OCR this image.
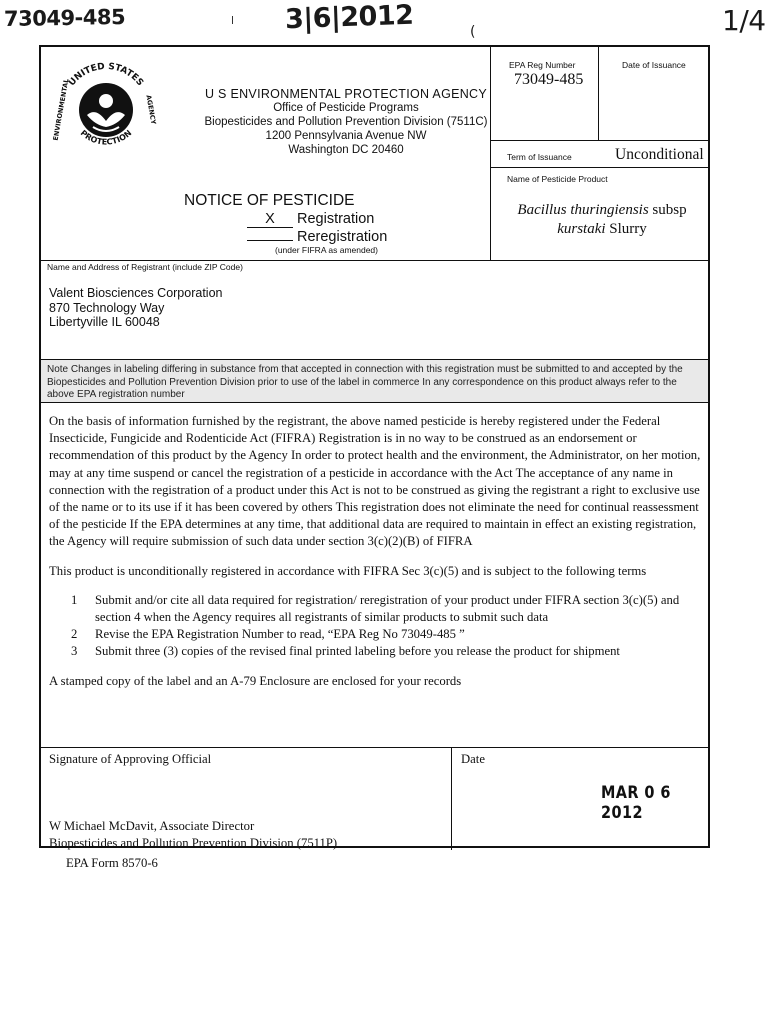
73049-485	3|6|2012	(	1/4
UNITED STATES
PROTECTION
ENVIRONMENTAL	AGENCY
U S ENVIRONMENTAL PROTECTION AGENCY
Office of Pesticide Programs
Biopesticides and Pollution Prevention Division (7511C)
1200 Pennsylvania Avenue NW
Washington DC 20460
NOTICE OF PESTICIDE
X Registration
Reregistration
(under FIFRA as amended)
EPA Reg Number
73049-485
Date of Issuance
Term of Issuance	Unconditional
Name of Pesticide Product
Bacillus thuringiensis subsp
kurstaki Slurry
Name and Address of Registrant (include ZIP Code)
Valent Biosciences Corporation
870 Technology Way
Libertyville IL 60048
Note Changes in labeling differing in substance from that accepted in connection with this registration must be submitted to and accepted by the
Biopesticides and Pollution Prevention Division prior to use of the label in commerce In any correspondence on this product always refer to the
above EPA registration number

On the basis of information furnished by the registrant, the above named pesticide is hereby registered under the Federal Insecticide, Fungicide and Rodenticide Act (FIFRA) Registration is in no way to be construed as an endorsement or recommendation of this product by the Agency In order to protect health and the environment, the Administrator, on her motion, may at any time suspend or cancel the registration of a pesticide in accordance with the Act The acceptance of any name in connection with the registration of a product under this Act is not to be construed as giving the registrant a right to exclusive use of the name or to its use if it has been covered by others This registration does not eliminate the need for continual reassessment of the pesticide If the EPA determines at any time, that additional data are required to maintain in effect an existing registration, the Agency will require submission of such data under section 3(c)(2)(B) of FIFRA

This product is unconditionally registered in accordance with FIFRA Sec 3(c)(5) and is subject to the following terms

1	Submit and/or cite all data required for registration/ reregistration of your product under FIFRA section 3(c)(5) and section 4 when the Agency requires all registrants of similar products to submit such data
2	Revise the EPA Registration Number to read, “EPA Reg No 73049-485 ”
3	Submit three (3) copies of the revised final printed labeling before you release the product for shipment

A stamped copy of the label and an A-79 Enclosure are enclosed for your records

Signature of Approving Official	Date
MAR 0 6 2012
W Michael McDavit, Associate Director
Biopesticides and Pollution Prevention Division (7511P)
EPA Form 8570-6
